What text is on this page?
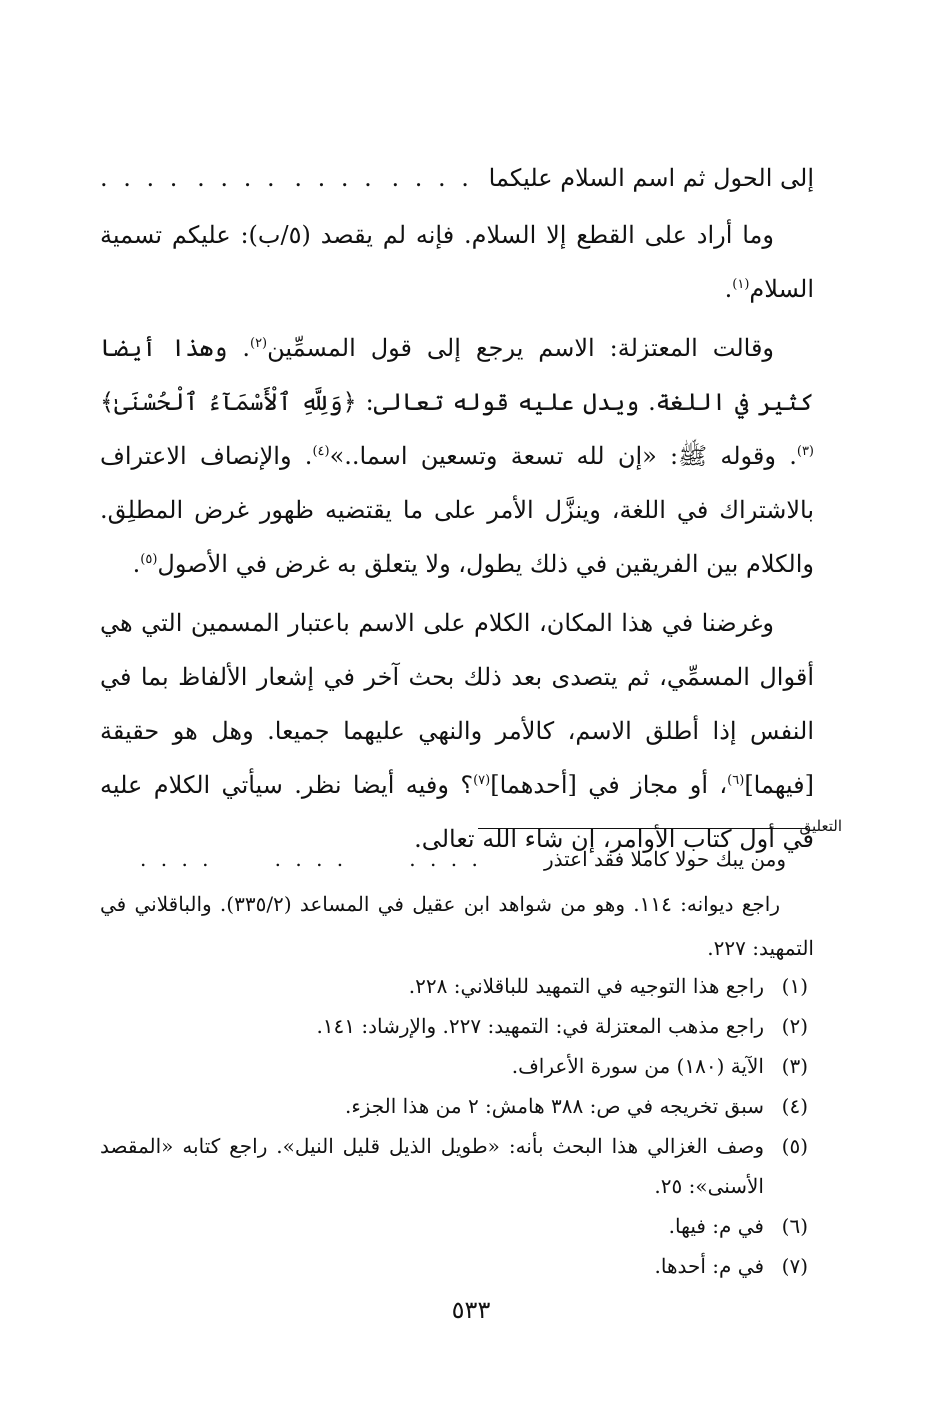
إلى الحول ثم اسم السلام عليكما
. . . .
. . . .
. . . .
. . . .

وما أراد على القطع إلا السلام. فإنه لم يقصد (٥/ب): عليكم تسمية السلام$^{(١)}$.

وقالت المعتزلة: الاسم يرجع إلى قول المسمِّين$^{(٢)}$. وهذا أيضا كثير في اللغة. ويدل عليه قوله تعالى: ﴿وَلِلَّهِ ٱلْأَسْمَآءُ ٱلْحُسْنَىٰ﴾$^{(٣)}$. وقوله ﷺ: «إن لله تسعة وتسعين اسما..»$^{(٤)}$. والإنصاف الاعتراف بالاشتراك في اللغة، وينزَّل الأمر على ما يقتضيه ظهور غرض المطلِق. والكلام بين الفريقين في ذلك يطول، ولا يتعلق به غرض في الأصول$^{(٥)}$.

وغرضنا في هذا المكان، الكلام على الاسم باعتبار المسمين التي هي أقوال المسمِّي، ثم يتصدى بعد ذلك بحث آخر في إشعار الألفاظ بما في النفس إذا أطلق الاسم، كالأمر والنهي عليهما جميعا. وهل هو حقيقة [فيهما]$^{(٦)}$، أو مجاز في [أحدهما]$^{(٧)}$؟ وفيه أيضا نظر. سيأتي الكلام عليه في أول كتاب الأوامر، إن شاء الله تعالى.

التعليق
ومن يبك حولا كاملا فقد اعتذر
. . . .
. . . .
. . . .
راجع ديوانه: ١١٤. وهو من شواهد ابن عقيل في المساعد (٣٣٥/٢). والباقلاني في التمهيد: ٢٢٧.
(١)
راجع هذا التوجيه في التمهيد للباقلاني: ٢٢٨.
(٢)
راجع مذهب المعتزلة في: التمهيد: ٢٢٧. والإرشاد: ١٤١.
(٣)
الآية (١٨٠) من سورة الأعراف.
(٤)
سبق تخريجه في ص: ٣٨٨ هامش: ٢ من هذا الجزء.
(٥)
وصف الغزالي هذا البحث بأنه: «طويل الذيل قليل النيل». راجع كتابه «المقصد الأسنى»: ٢٥.
(٦)
في م: فيها.
(٧)
في م: أحدها.
٥٣٣
